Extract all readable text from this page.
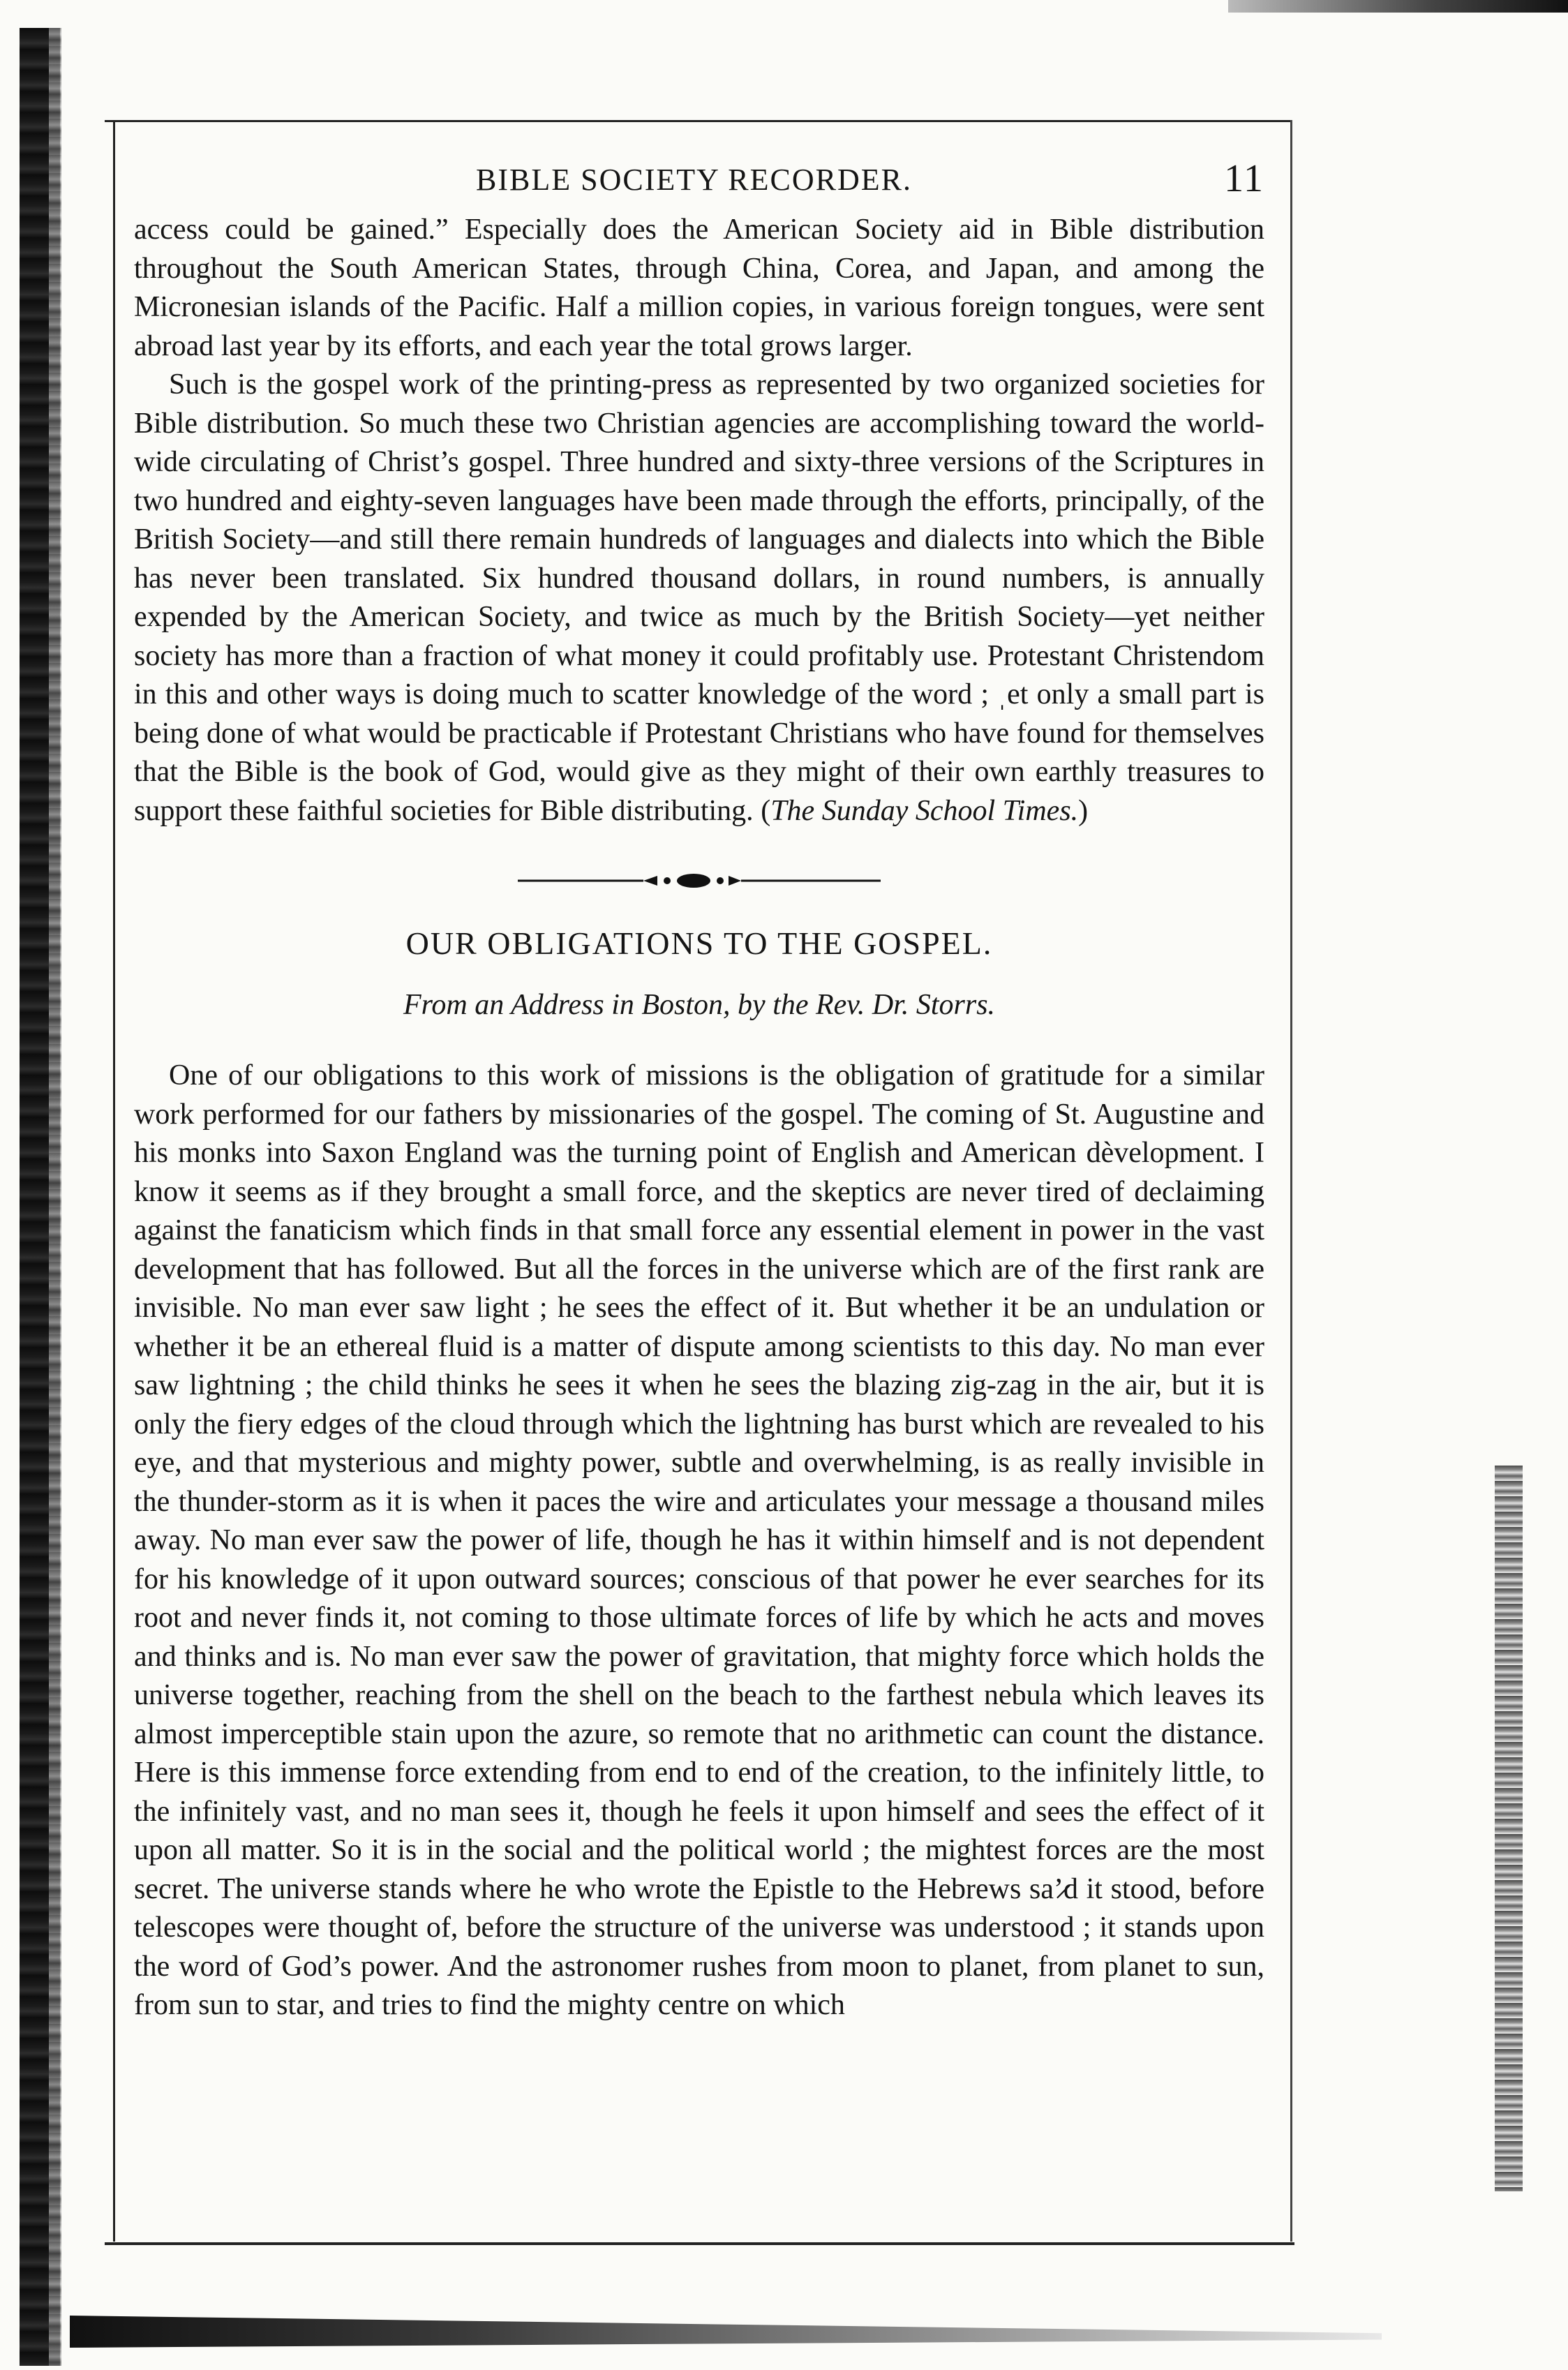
BIBLE SOCIETY RECORDER.	11

access could be gained.” Especially does the American Society aid in Bible distribution throughout the South American States, through China, Corea, and Japan, and among the Micronesian islands of the Pacific. Half a million copies, in various foreign tongues, were sent abroad last year by its efforts, and each year the total grows larger.

Such is the gospel work of the printing-press as represented by two organized societies for Bible distribution. So much these two Christian agencies are accomplishing toward the world-wide circulating of Christ’s gospel. Three hundred and sixty-three versions of the Scriptures in two hundred and eighty-seven languages have been made through the efforts, principally, of the British Society—and still there remain hundreds of languages and dialects into which the Bible has never been translated. Six hundred thousand dollars, in round numbers, is annually expended by the American Society, and twice as much by the British Society—yet neither society has more than a fraction of what money it could profitably use. Protestant Christendom in this and other ways is doing much to scatter knowledge of the word ; ˌet only a small part is being done of what would be practicable if Protestant Christians who have found for themselves that the Bible is the book of God, would give as they might of their own earthly treasures to support these faithful societies for Bible distributing. (The Sunday School Times.)

OUR OBLIGATIONS TO THE GOSPEL.
From an Address in Boston, by the Rev. Dr. Storrs.

One of our obligations to this work of missions is the obligation of gratitude for a similar work performed for our fathers by missionaries of the gospel. The coming of St. Augustine and his monks into Saxon England was the turning point of English and American dèvelopment. I know it seems as if they brought a small force, and the skeptics are never tired of declaiming against the fanaticism which finds in that small force any essential element in power in the vast development that has followed. But all the forces in the universe which are of the first rank are invisible. No man ever saw light ; he sees the effect of it. But whether it be an undulation or whether it be an ethereal fluid is a matter of dispute among scientists to this day. No man ever saw lightning ; the child thinks he sees it when he sees the blazing zig-zag in the air, but it is only the fiery edges of the cloud through which the lightning has burst which are revealed to his eye, and that mysterious and mighty power, subtle and overwhelming, is as really invisible in the thunder-storm as it is when it paces the wire and articulates your message a thousand miles away. No man ever saw the power of life, though he has it within himself and is not dependent for his knowledge of it upon outward sources; conscious of that power he ever searches for its root and never finds it, not coming to those ultimate forces of life by which he acts and moves and thinks and is. No man ever saw the power of gravitation, that mighty force which holds the universe together, reaching from the shell on the beach to the farthest nebula which leaves its almost imperceptible stain upon the azure, so remote that no arithmetic can count the distance. Here is this immense force extending from end to end of the creation, to the infinitely little, to the infinitely vast, and no man sees it, though he feels it upon himself and sees the effect of it upon all matter. So it is in the social and the political world ; the mightest forces are the most secret. The universe stands where he who wrote the Epistle to the Hebrews saʼ̷d it stood, before telescopes were thought of, before the structure of the universe was understood ; it stands upon the word of God’s power. And the astronomer rushes from moon to planet, from planet to sun, from sun to star, and tries to find the mighty centre on which
